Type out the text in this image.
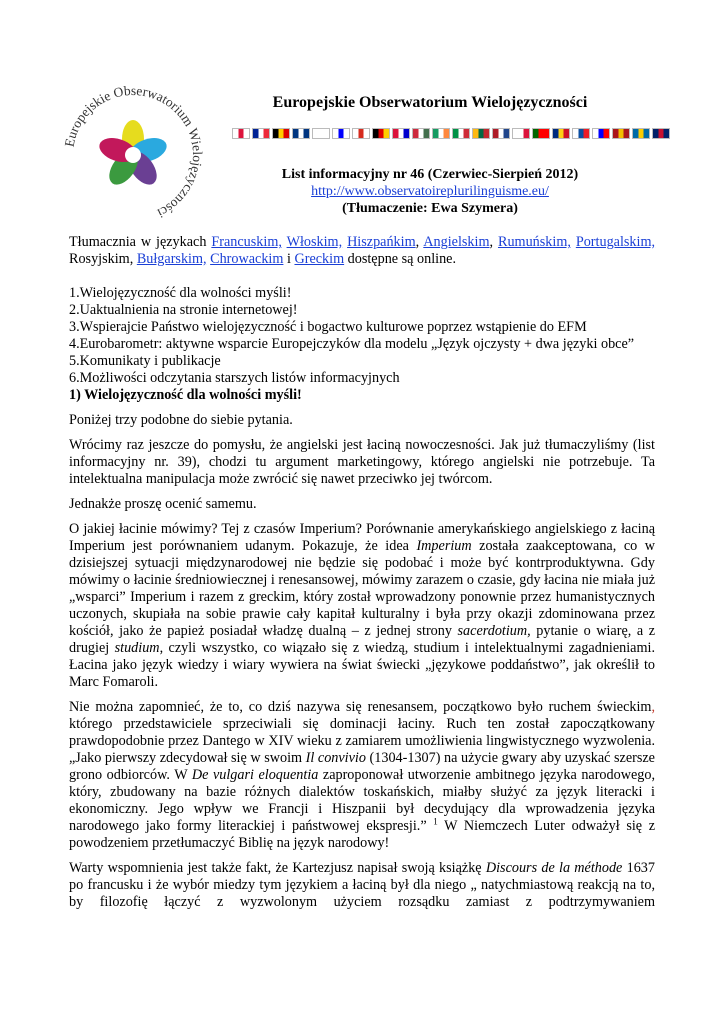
Europejskie Obserwatorium Wielojęzyczności
Europejskie Obserwatorium Wielojęzyczności
List informacyjny nr 46 (Czerwiec-Sierpień 2012)
http://www.observatoireplurilinguisme.eu/
(Tłumaczenie: Ewa Szymera)

Tłumacznia w językach Francuskim, Włoskim, Hiszpańkim, Angielskim, Rumuńskim, Portugalskim, Rosyjskim, Bułgarskim, Chrowackim i Greckim dostępne są online.

1.Wielojęzyczność dla wolności myśli!
2.Uaktualnienia na stronie internetowej!
3.Wspierajcie Państwo wielojęzyczność i bogactwo kulturowe poprzez wstąpienie do EFM
4.Eurobarometr: aktywne wsparcie Europejczyków dla modelu „Język ojczysty + dwa języki obce”
5.Komunikaty i publikacje
6.Możliwości odczytania starszych listów informacyjnych

1) Wielojęzyczność dla wolności myśli!

Poniżej trzy podobne do siebie pytania.

Wrócimy raz jeszcze do pomysłu, że angielski jest łaciną nowoczesności. Jak już tłumaczyliśmy (list informacyjny nr. 39), chodzi tu argument marketingowy, którego angielski nie potrzebuje. Ta intelektualna manipulacja może zwrócić się nawet przeciwko jej twórcom.

Jednakże proszę ocenić samemu.

O jakiej łacinie mówimy? Tej z czasów Imperium? Porównanie amerykańskiego angielskiego z łaciną Imperium jest porównaniem udanym. Pokazuje, że idea Imperium została zaakceptowana, co w dzisiejszej sytuacji międzynarodowej nie będzie się podobać i może być kontrproduktywna. Gdy mówimy o łacinie średniowiecznej i renesansowej, mówimy zarazem o czasie, gdy łacina nie miała już „wsparci” Imperium i razem z greckim, który został wprowadzony ponownie przez humanistycznych uczonych, skupiała na sobie prawie cały kapitał kulturalny i była przy okazji zdominowana przez kościół, jako że papież posiadał władzę dualną – z jednej strony sacerdotium, pytanie o wiarę, a z drugiej studium, czyli wszystko, co wiązało się z wiedzą, studium i intelektualnymi zagadnieniami. Łacina jako język wiedzy i wiary wywiera na świat świecki „językowe poddaństwo”, jak określił to Marc Fomaroli.

Nie można zapomnieć, że to, co dziś nazywa się renesansem, początkowo było ruchem świeckim, którego przedstawiciele sprzeciwiali się dominacji łaciny. Ruch ten został zapoczątkowany prawdopodobnie przez Dantego w XIV wieku z zamiarem umożliwienia lingwistycznego wyzwolenia. „Jako pierwszy zdecydował się w swoim Il convivio (1304-1307) na użycie gwary aby uzyskać szersze grono odbiorców. W De vulgari eloquentia zaproponował utworzenie ambitnego języka narodowego, który, zbudowany na bazie różnych dialektów toskańskich, miałby służyć za język literacki i ekonomiczny. Jego wpływ we Francji i Hiszpanii był decydujący dla wprowadzenia języka narodowego jako formy literackiej i państwowej ekspresji.” $^1$ W Niemczech Luter odważył się z powodzeniem przetłumaczyć Biblię na język narodowy!

Warty wspomnienia jest także fakt, że Kartezjusz napisał swoją książkę Discours de la méthode 1637 po francusku i że wybór miedzy tym językiem a łaciną był dla niego „ natychmiastową reakcją na to, by filozofię łączyć z wyzwolonym użyciem rozsądku zamiast z podtrzymywaniem
